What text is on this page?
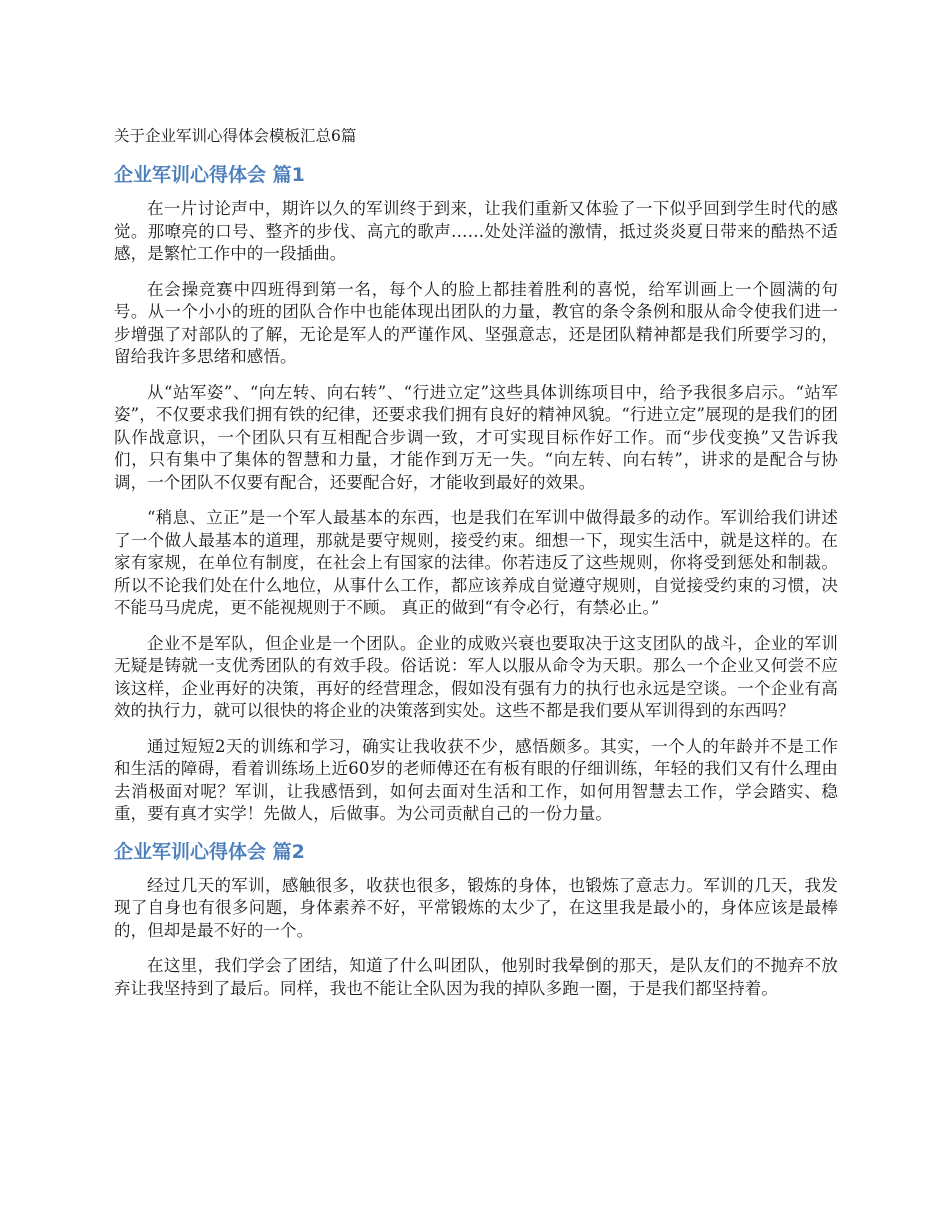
关于企业军训心得体会模板汇总6篇
企业军训心得体会 篇1

在一片讨论声中，期许以久的军训终于到来，让我们重新又体验了一下似乎回到学生时代的感觉。那嘹亮的口号、整齐的步伐、高亢的歌声……处处洋溢的激情，抵过炎炎夏日带来的酷热不适感，是繁忙工作中的一段插曲。

在会操竞赛中四班得到第一名，每个人的脸上都挂着胜利的喜悦，给军训画上一个圆满的句号。从一个小小的班的团队合作中也能体现出团队的力量，教官的条令条例和服从命令使我们进一步增强了对部队的了解，无论是军人的严谨作风、坚强意志，还是团队精神都是我们所要学习的，留给我许多思绪和感悟。

从“站军姿”、“向左转、向右转”、“行进立定”这些具体训练项目中，给予我很多启示。“站军姿”，不仅要求我们拥有铁的纪律，还要求我们拥有良好的精神风貌。“行进立定”展现的是我们的团队作战意识，一个团队只有互相配合步调一致，才可实现目标作好工作。而“步伐变换”又告诉我们，只有集中了集体的智慧和力量，才能作到万无一失。“向左转、向右转”，讲求的是配合与协调，一个团队不仅要有配合，还要配合好，才能收到最好的效果。

“稍息、立正”是一个军人最基本的东西，也是我们在军训中做得最多的动作。军训给我们讲述了一个做人最基本的道理，那就是要守规则，接受约束。细想一下，现实生活中，就是这样的。在家有家规，在单位有制度，在社会上有国家的法律。你若违反了这些规则，你将受到惩处和制裁。所以不论我们处在什么地位，从事什么工作，都应该养成自觉遵守规则，自觉接受约束的习惯，决不能马马虎虎，更不能视规则于不顾。 真正的做到“有令必行，有禁必止。”

企业不是军队，但企业是一个团队。企业的成败兴衰也要取决于这支团队的战斗，企业的军训无疑是铸就一支优秀团队的有效手段。俗话说：军人以服从命令为天职。那么一个企业又何尝不应该这样，企业再好的决策，再好的经营理念，假如没有强有力的执行也永远是空谈。一个企业有高效的执行力，就可以很快的将企业的决策落到实处。这些不都是我们要从军训得到的东西吗？

通过短短2天的训练和学习，确实让我收获不少，感悟颇多。其实，一个人的年龄并不是工作和生活的障碍，看着训练场上近60岁的老师傅还在有板有眼的仔细训练，年轻的我们又有什么理由去消极面对呢？军训，让我感悟到，如何去面对生活和工作，如何用智慧去工作，学会踏实、稳重，要有真才实学！先做人，后做事。为公司贡献自己的一份力量。

企业军训心得体会 篇2

经过几天的军训，感触很多，收获也很多，锻炼的身体，也锻炼了意志力。军训的几天，我发现了自身也有很多问题，身体素养不好，平常锻炼的太少了，在这里我是最小的，身体应该是最棒的，但却是最不好的一个。

在这里，我们学会了团结，知道了什么叫团队，他别时我晕倒的那天，是队友们的不抛弃不放弃让我坚持到了最后。同样，我也不能让全队因为我的掉队多跑一圈，于是我们都坚持着。
